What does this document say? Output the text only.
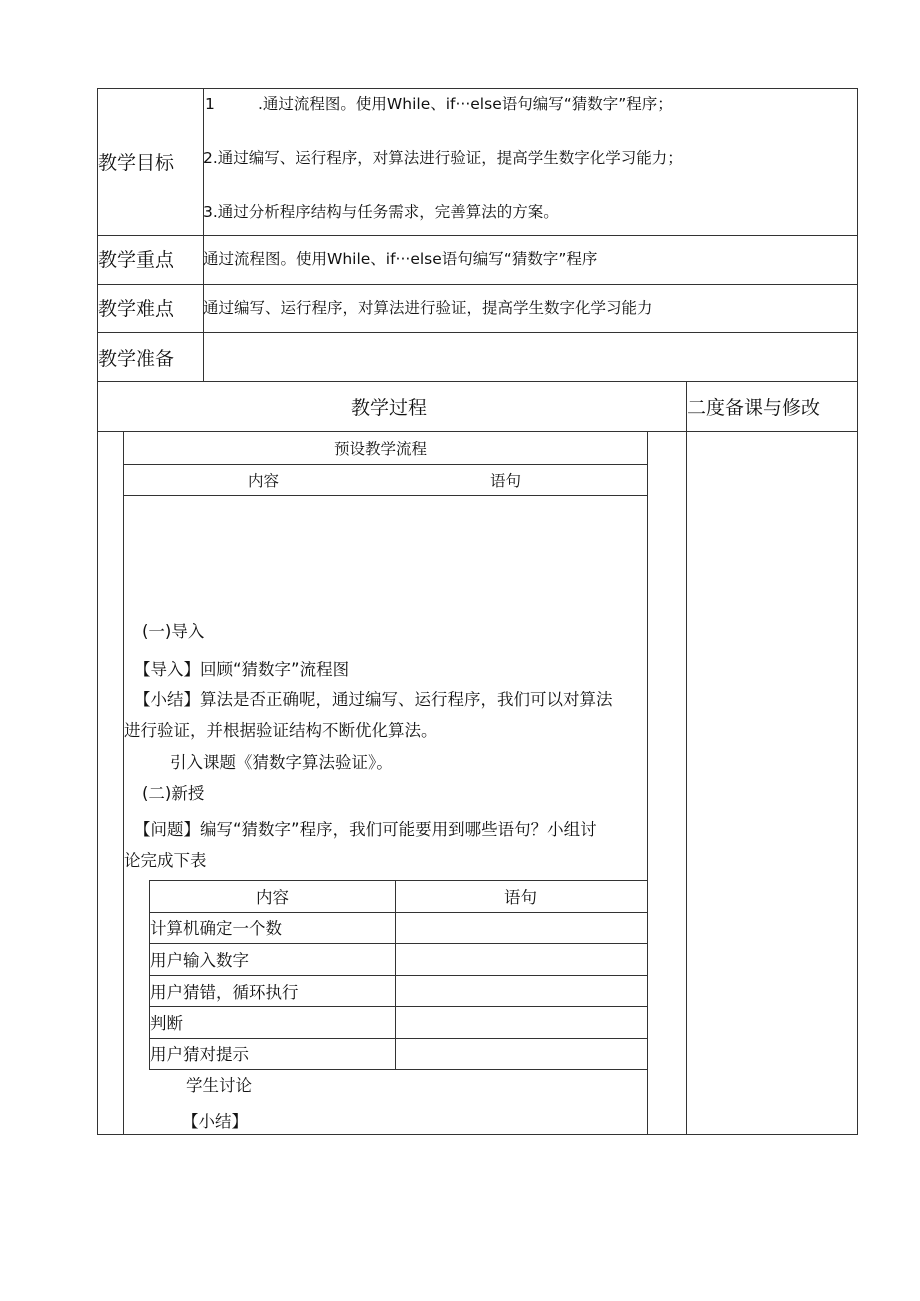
教学目标
1	.通过流程图。使用While、if···else语句编写“猜数字”程序；
2.通过编写、运行程序，对算法进行验证，提高学生数字化学习能力；
3.通过分析程序结构与任务需求，完善算法的方案。
教学重点 通过流程图。使用While、if···else语句编写“猜数字”程序
教学难点 通过编写、运行程序，对算法进行验证，提高学生数字化学习能力
教学准备
教学过程	二度备课与修改
预设教学流程
内容	语句
(一)导入
【导入】回顾“猜数字”流程图
【小结】算法是否正确呢，通过编写、运行程序，我们可以对算法
进行验证，并根据验证结构不断优化算法。
引入课题《猜数字算法验证》。
(二)新授
【问题】编写“猜数字”程序，我们可能要用到哪些语句？小组讨
论完成下表
内容	语句
计算机确定一个数
用户输入数字
用户猜错，循环执行
判断
用户猜对提示
学生讨论
【小结】
